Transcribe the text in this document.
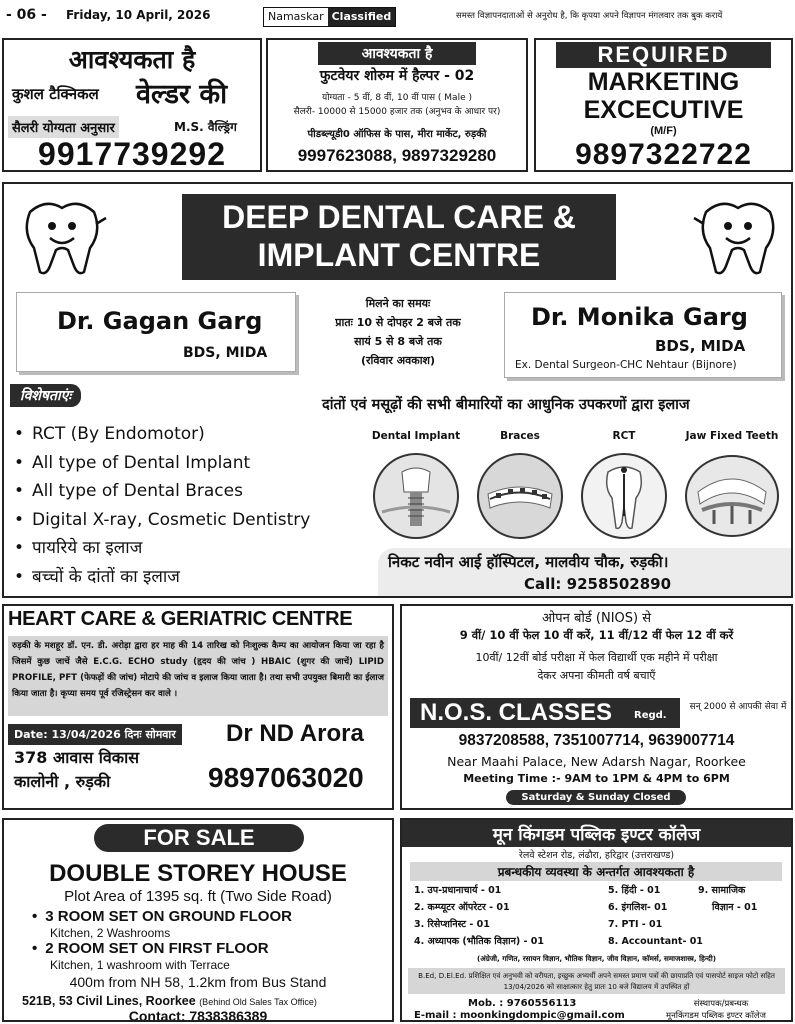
- 06 - Friday, 10 April, 2026	Namaskar Classified	समस्त विज्ञापनदाताओं से अनुरोध है, कि कृपया अपने विज्ञापन मंगलवार तक बुक करायें
आवश्यकता है
कुशल टैक्निकल वेल्डर की
सैलरी योग्यता अनुसार	M.S. वैल्ड्रिंग
9917739292
आवश्यकता है
फुटवेयर शोरुम में हैल्पर - 02
योग्यता - 5 वीं, 8 वीं, 10 वीं पास ( Male )
सैलरी- 10000 से 15000 हजार तक (अनुभव के आधार पर)
पीडब्ल्यूडी0 ऑफिस के पास, मीरा मार्केट, रुड़की
9997623088, 9897329280
REQUIRED
MARKETING
EXCECUTIVE
(M/F)
9897322722
DEEP DENTAL CARE &
IMPLANT CENTRE
Dr. Gagan Garg
BDS, MIDA
मिलने का समयः
प्रातः 10 से दोपहर 2 बजे तक
सायं 5 से 8 बजे तक
(रविवार अवकाश)
Dr. Monika Garg
BDS, MIDA
Ex. Dental Surgeon-CHC Nehtaur (Bijnore)
विशेषताएंः
• RCT (By Endomotor)
• All type of Dental Implant
• All type of Dental Braces
• Digital X-ray, Cosmetic Dentistry
• पायरिये का इलाज
• बच्चों के दांतों का इलाज
दांतों एवं मसूढ़ों की सभी बीमारियों का आधुनिक उपकरणों द्वारा इलाज
Dental Implant	Braces	RCT	Jaw Fixed Teeth
निकट नवीन आई हॉस्पिटल, मालवीय चौक, रुड़की।
Call: 9258502890
HEART CARE & GERIATRIC CENTRE
रुड़की के मशहूर डॉ. एन. डी. अरोड़ा द्वारा हर माह की 14 तारिख को निःशुल्क कैम्प का आयोजन किया जा रहा है जिसमें कुछ जाचें जैसे E.C.G. ECHO study (हृदय की जांच ) HBAIC (शुगर की जाचें) LIPID PROFILE, PFT (फेफड़ों की जांच) मोटापे की जांच व इलाज किया जाता है। तथा सभी उपयुक्त बिमारी का ईलाज किया जाता है। कृप्या समय पूर्व रजिस्ट्रेसन कर वाले ।
Date: 13/04/2026 दिनः सोमवार Dr ND Arora
378 आवास विकास
कालोनी , रुड़की	9897063020
ओपन बोर्ड (NIOS) से
9 वीं/ 10 वीं फेल 10 वीं करें, 11 वीं/12 वीं फेल 12 वीं करें
10वीं/ 12वीं बोर्ड परीक्षा में फेल विद्यार्थी एक महीने में परीक्षा
देकर अपना कीमती वर्ष बचाएँ
N.O.S. CLASSES Regd.
सन् 2000 से आपकी सेवा में
9837208588, 7351007714, 9639007714
Near Maahi Palace, New Adarsh Nagar, Roorkee
Meeting Time :- 9AM to 1PM & 4PM to 6PM
Saturday & Sunday Closed
FOR SALE
DOUBLE STOREY HOUSE
Plot Area of 1395 sq. ft (Two Side Road)
• 3 ROOM SET ON GROUND FLOOR
Kitchen, 2 Washrooms
• 2 ROOM SET ON FIRST FLOOR
Kitchen, 1 washroom with Terrace
400m from NH 58, 1.2km from Bus Stand
521B, 53 Civil Lines, Roorkee (Behind Old Sales Tax Office)
Contact: 7838386389
मून किंगडम पब्लिक इण्टर कॉलेज
रेलवे स्टेशन रोड, लंढौरा, हरिद्वार (उत्तराखण्ड)
प्रबन्धकीय व्यवस्था के अन्तर्गत आवश्यकता है
1. उप-प्रधानाचार्य - 01
2. कम्प्यूटर ऑपरेटर - 01
3. रिसेप्शनिस्ट - 01
4. अध्यापक (भौतिक विज्ञान) - 01
5. हिंदी - 01
6. इंगलिश- 01
7. PTI - 01
8. Accountant- 01
9. सामाजिक
विज्ञान - 01
(अंग्रेजी, गणित, रसायन विज्ञान, भौतिक विज्ञान, जीव विज्ञान, कॉमर्स, समाजशास्त्र, हिन्दी)
B.Ed, D.El.Ed. प्रशिक्षित एवं अनुभवी को वरीयता, इच्छुक अभ्यर्थी अपने समस्त प्रमाण पत्रों की छायाप्रति एवं पासपोर्ट साइज फोटो सहित 13/04/2026 को साक्षात्कार हेतु प्रातः 10 बजे विद्यालय में उपस्थित हों
Mob. : 9760556113
E-mail : moonkingdompic@gmail.com
संस्थापक/प्रबन्धक
मूनकिंगडम पब्लिक इण्टर कॉलेज
